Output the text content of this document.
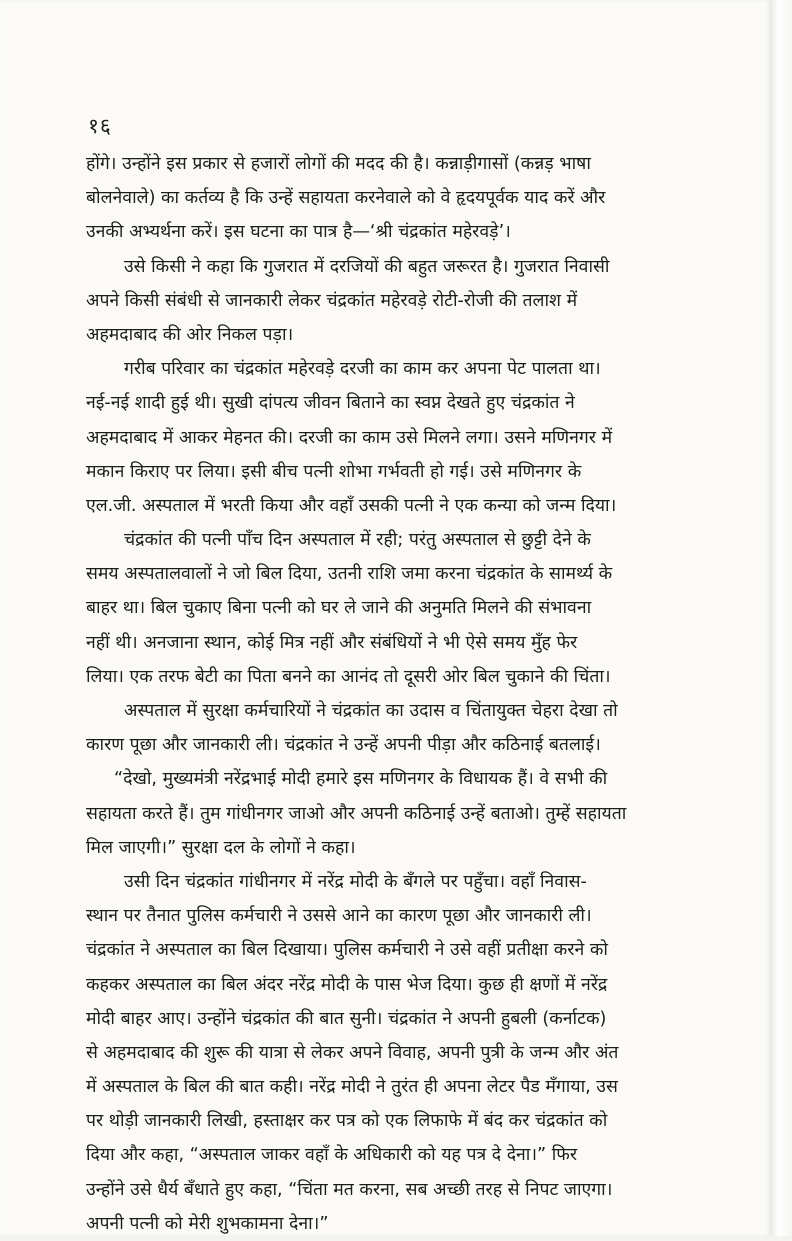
१६
होंगे। उन्होंने इस प्रकार से हजारों लोगों की मदद की है। कन्नाड़ीगासों (कन्नड़ भाषा
बोलनेवाले) का कर्तव्य है कि उन्हें सहायता करनेवाले को वे हृदयपूर्वक याद करें और
उनकी अभ्यर्थना करें। इस घटना का पात्र है—‘श्री चंद्रकांत महेरवड़े’।
उसे किसी ने कहा कि गुजरात में दरजियों की बहुत जरूरत है। गुजरात निवासी
अपने किसी संबंधी से जानकारी लेकर चंद्रकांत महेरवड़े रोटी-रोजी की तलाश में
अहमदाबाद की ओर निकल पड़ा।
गरीब परिवार का चंद्रकांत महेरवड़े दरजी का काम कर अपना पेट पालता था।
नई-नई शादी हुई थी। सुखी दांपत्य जीवन बिताने का स्वप्न देखते हुए चंद्रकांत ने
अहमदाबाद में आकर मेहनत की। दरजी का काम उसे मिलने लगा। उसने मणिनगर में
मकान किराए पर लिया। इसी बीच पत्नी शोभा गर्भवती हो गई। उसे मणिनगर के
एल.जी. अस्पताल में भरती किया और वहाँ उसकी पत्नी ने एक कन्या को जन्म दिया।
चंद्रकांत की पत्नी पाँच दिन अस्पताल में रही; परंतु अस्पताल से छुट्टी देने के
समय अस्पतालवालों ने जो बिल दिया, उतनी राशि जमा करना चंद्रकांत के सामर्थ्य के
बाहर था। बिल चुकाए बिना पत्नी को घर ले जाने की अनुमति मिलने की संभावना
नहीं थी। अनजाना स्थान, कोई मित्र नहीं और संबंधियों ने भी ऐसे समय मुँह फेर
लिया। एक तरफ बेटी का पिता बनने का आनंद तो दूसरी ओर बिल चुकाने की चिंता।
अस्पताल में सुरक्षा कर्मचारियों ने चंद्रकांत का उदास व चिंतायुक्त चेहरा देखा तो
कारण पूछा और जानकारी ली। चंद्रकांत ने उन्हें अपनी पीड़ा और कठिनाई बतलाई।
“देखो, मुख्यमंत्री नरेंद्रभाई मोदी हमारे इस मणिनगर के विधायक हैं। वे सभी की
सहायता करते हैं। तुम गांधीनगर जाओ और अपनी कठिनाई उन्हें बताओ। तुम्हें सहायता
मिल जाएगी।” सुरक्षा दल के लोगों ने कहा।
उसी दिन चंद्रकांत गांधीनगर में नरेंद्र मोदी के बँगले पर पहुँचा। वहाँ निवास-
स्थान पर तैनात पुलिस कर्मचारी ने उससे आने का कारण पूछा और जानकारी ली।
चंद्रकांत ने अस्पताल का बिल दिखाया। पुलिस कर्मचारी ने उसे वहीं प्रतीक्षा करने को
कहकर अस्पताल का बिल अंदर नरेंद्र मोदी के पास भेज दिया। कुछ ही क्षणों में नरेंद्र
मोदी बाहर आए। उन्होंने चंद्रकांत की बात सुनी। चंद्रकांत ने अपनी हुबली (कर्नाटक)
से अहमदाबाद की शुरू की यात्रा से लेकर अपने विवाह, अपनी पुत्री के जन्म और अंत
में अस्पताल के बिल की बात कही। नरेंद्र मोदी ने तुरंत ही अपना लेटर पैड मँगाया, उस
पर थोड़ी जानकारी लिखी, हस्ताक्षर कर पत्र को एक लिफाफे में बंद कर चंद्रकांत को
दिया और कहा, “अस्पताल जाकर वहाँ के अधिकारी को यह पत्र दे देना।” फिर
उन्होंने उसे धैर्य बँधाते हुए कहा, “चिंता मत करना, सब अच्छी तरह से निपट जाएगा।
अपनी पत्नी को मेरी शुभकामना देना।”
